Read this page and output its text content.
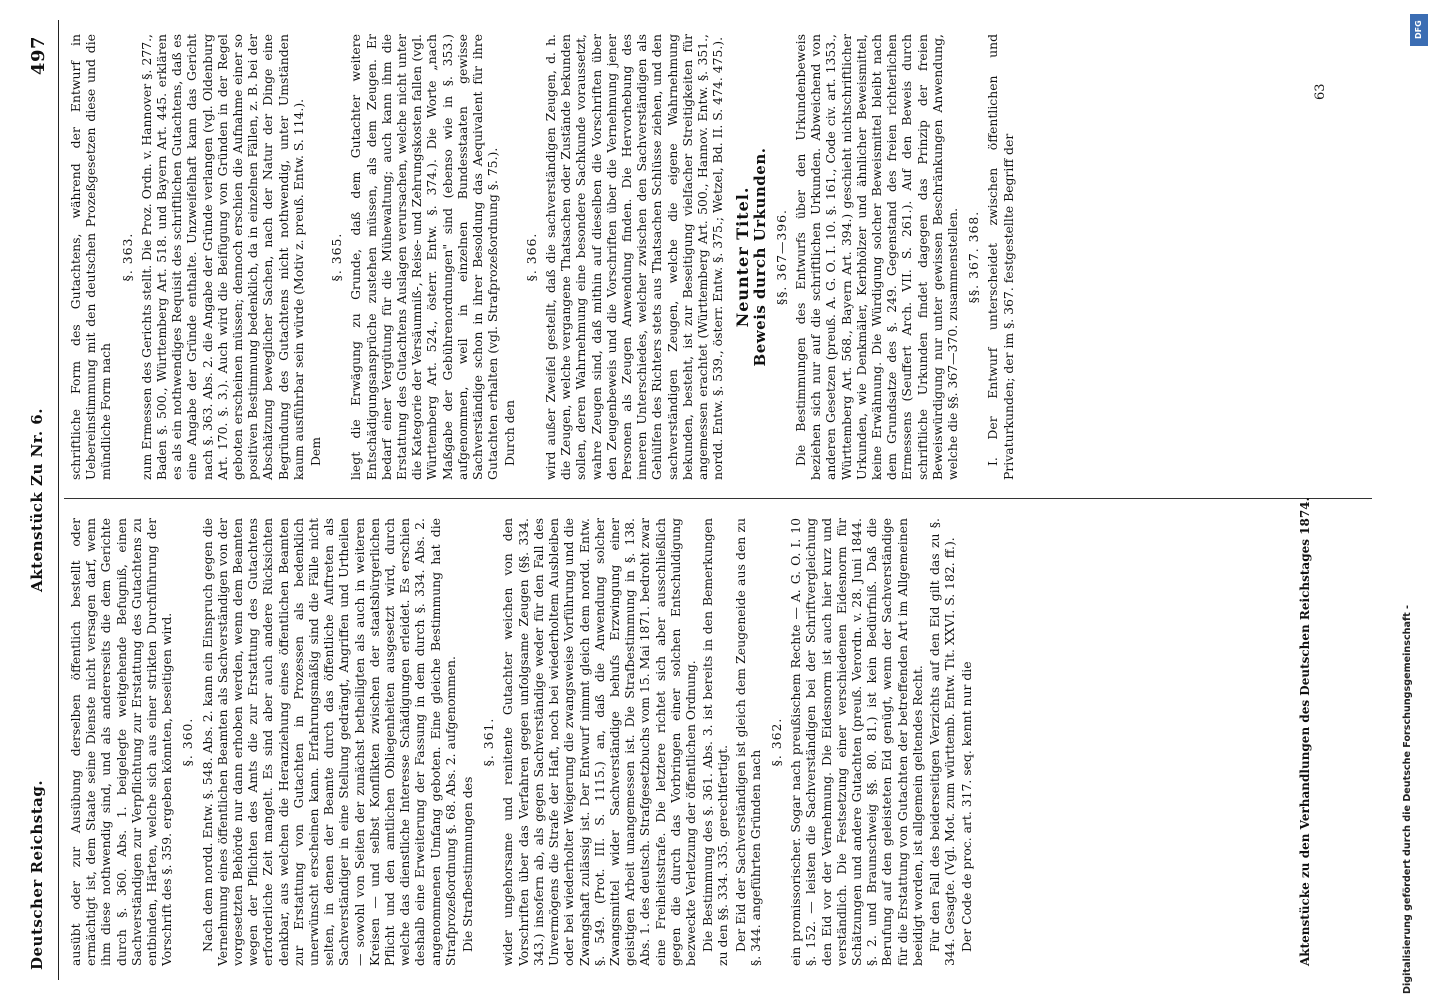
Deutscher Reichstag.
Aktenstück Zu Nr. 6.
497

ausübt oder zur Ausübung derselben öffentlich bestellt oder ermächtigt ist, dem Staate seine Dienste nicht versagen darf, wenn ihm diese nothwendig sind, und als andererseits die dem Gerichte durch §. 360. Abs. 1. beigelegte weitgehende Befugniß, einen Sachverständigen zur Verpflichtung zur Erstattung des Gutachtens zu entbinden, Härten, welche sich aus einer strikten Durchführung der Vorschrift des §. 359. ergeben könnten, beseitigen wird. §. 360. Nach dem nordd. Entw. §. 548. Abs. 2. kann ein Einspruch gegen die Vernehmung eines öffentlichen Beamten als Sachverständigen von der vorgesetzten Behörde nur dann erhoben werden, wenn dem Beamten wegen der Pflichten des Amts die zur Erstattung des Gutachtens erforderliche Zeit mangelt. Es sind aber auch andere Rücksichten denkbar, aus welchen die Heranziehung eines öffentlichen Beamten zur Erstattung von Gutachten in Prozessen als bedenklich unerwünscht erscheinen kann. Erfahrungsmäßig sind die Fälle nicht selten, in denen der Beamte durch das öffentliche Auftreten als Sachverständiger in eine Stellung gedrängt, Angriffen und Urtheilen — sowohl von Seiten der zunächst betheiligten als auch in weiteren Kreisen — und selbst Konflikten zwischen der staatsbürgerlichen Pflicht und den amtlichen Obliegenheiten ausgesetzt wird, durch welche das dienstliche Interesse Schädigungen erleidet. Es erschien deshalb eine Erweiterung der Fassung in dem durch §. 334. Abs. 2. angenommenen Umfang geboten. Eine gleiche Bestimmung hat die Strafprozeßordnung §. 68. Abs. 2. aufgenommen. Die Strafbestimmungen des

§. 361. wider ungehorsame und renitente Gutachter weichen von den Vorschriften über das Verfahren gegen unfolgsame Zeugen (§§. 334. 343.) insofern ab, als gegen Sachverständige weder für den Fall des Unvermögens die Strafe der Haft, noch bei wiederholtem Ausbleiben oder bei wiederholter Weigerung die zwangsweise Vorführung und die Zwangshaft zulässig ist. Der Entwurf nimmt gleich dem nordd. Entw. §. 549. (Prot. III. S. 1115.) an, daß die Anwendung solcher Zwangsmittel wider Sachverständige behufs Erzwingung einer geistigen Arbeit unangemessen ist. Die Strafbestimmung in §. 138. Abs. 1. des deutsch. Strafgesetzbuchs vom 15. Mai 1871. bedroht zwar eine Freiheitsstrafe. Die letztere richtet sich aber ausschließlich gegen die durch das Vorbringen einer solchen Entschuldigung bezweckte Verletzung der öffentlichen Ordnung. Die Bestimmung des §. 361. Abs. 3. ist bereits in den Bemerkungen zu den §§. 334. 335. gerechtfertigt. Der Eid der Sachverständigen ist gleich dem Zeugeneide aus den zu §. 344. angeführten Gründen nach

§. 362. ein promissorischer. Sogar nach preußischem Rechte — A. G. O. I. 10 §. 152. — leisten die Sachverständigen bei der Schriftvergleichung den Eid vor der Vernehmung. Die Eidesnorm ist auch hier kurz und verständlich. Die Festsetzung einer verschiedenen Eidesnorm für Schätzungen und andere Gutachten (preuß. Verordn. v. 28. Juni 1844. §. 2. und Braunschweig §§. 80. 81.) ist kein Bedürfniß. Daß die Berufung auf den geleisteten Eid genügt, wenn der Sachverständige für die Erstattung von Gutachten der betreffenden Art im Allgemeinen beeidigt worden, ist allgemein geltendes Recht. Für den Fall des beiderseitigen Verzichts auf den Eid gilt das zu §. 344. Gesagte. (Vgl. Mot. zum württemb. Entw. Tit. XXVI. S. 182. ff.). Der Code de proc. art. 317. seq. kennt nur die

schriftliche Form des Gutachtens, während der Entwurf in Uebereinstimmung mit den deutschen Prozeßgesetzen diese und die mündliche Form nach

§. 363. zum Ermessen des Gerichts stellt. Die Proz. Ordn. v. Hannover §. 277., Baden §. 500., Württemberg Art. 518. und Bayern Art. 445. erklären es als ein nothwendiges Requisit des schriftlichen Gutachtens, daß es eine Angabe der Gründe enthalte. Unzweifelhaft kann das Gericht nach §. 363. Abs. 2. die Angabe der Gründe verlangen (vgl. Oldenburg Art. 170. §. 3.). Auch wird die Beifügung von Gründen in der Regel geboten erscheinen müssen; dennoch erschien die Aufnahme einer so positiven Bestimmung bedenklich, da in einzelnen Fällen, z. B. bei der Abschätzung beweglicher Sachen, nach der Natur der Dinge eine Begründung des Gutachtens nicht nothwendig, unter Umständen kaum ausführbar sein würde (Motiv z. preuß. Entw. S. 114.). Dem

§. 365. liegt die Erwägung zu Grunde, daß dem Gutachter weitere Entschädigungsansprüche zustehen müssen, als dem Zeugen. Er bedarf einer Vergütung für die Mühewaltung; auch kann ihm die Erstattung des Gutachtens Auslagen verursachen, welche nicht unter die Kategorie der Versäumniß-, Reise- und Zehrungskosten fallen (vgl. Württemberg Art. 524., österr. Entw. §. 374.). Die Worte „nach Maßgabe der Gebührenordnungen" sind (ebenso wie in §. 353.) aufgenommen, weil in einzelnen Bundesstaaten gewisse Sachverständige schon in ihrer Besoldung das Aequivalent für ihre Gutachten erhalten (vgl. Strafprozeßordnung §. 75.). Durch den

§. 366. wird außer Zweifel gestellt, daß die sachverständigen Zeugen, d. h. die Zeugen, welche vergangene Thatsachen oder Zustände bekunden sollen, deren Wahrnehmung eine besondere Sachkunde voraussetzt, wahre Zeugen sind, daß mithin auf dieselben die Vorschriften über den Zeugenbeweis und die Vorschriften über die Vernehmung jener Personen als Zeugen Anwendung finden. Die Hervorhebung des inneren Unterschiedes, welcher zwischen den Sachverständigen als Gehülfen des Richters stets aus Thatsachen Schlüsse ziehen, und den sachverständigen Zeugen, welche die eigene Wahrnehmung bekunden, besteht, ist zur Beseitigung vielfacher Streitigkeiten für angemessen erachtet (Württemberg Art. 500., Hannov. Entw. §. 351., nordd. Entw. §. 539., österr. Entw. §. 375.; Wetzel, Bd. II. S. 474. 475.). Neunter Titel.
Beweis durch Urkunden. §§. 367—396. Die Bestimmungen des Entwurfs über den Urkundenbeweis beziehen sich nur auf die schriftlichen Urkunden. Abweichend von anderen Gesetzen (preuß. A. G. O. I. 10. §. 161., Code civ. art. 1353., Württemberg Art. 568., Bayern Art. 394.) geschieht nichtschriftlicher Urkunden, wie Denkmäler, Kerbhölzer und ähnlicher Beweismittel, keine Erwähnung. Die Würdigung solcher Beweismittel bleibt nach dem Grundsatze des §. 249. Gegenstand des freien richterlichen Ermessens (Seuffert Arch. VII. S. 261.). Auf den Beweis durch schriftliche Urkunden findet dagegen das Prinzip der freien Beweiswürdigung nur unter gewissen Beschränkungen Anwendung, welche die §§. 367—370. zusammenstellen. §§. 367. 368. I. Der Entwurf unterscheidet zwischen öffentlichen und Privaturkunden; der im §. 367. festgestellte Begriff der

Aktenstücke zu den Verhandlungen des Deutschen Reichstages 1874.
63
Digitalisierung gefördert durch die Deutsche Forschungsgemeinschaft -
DFG
